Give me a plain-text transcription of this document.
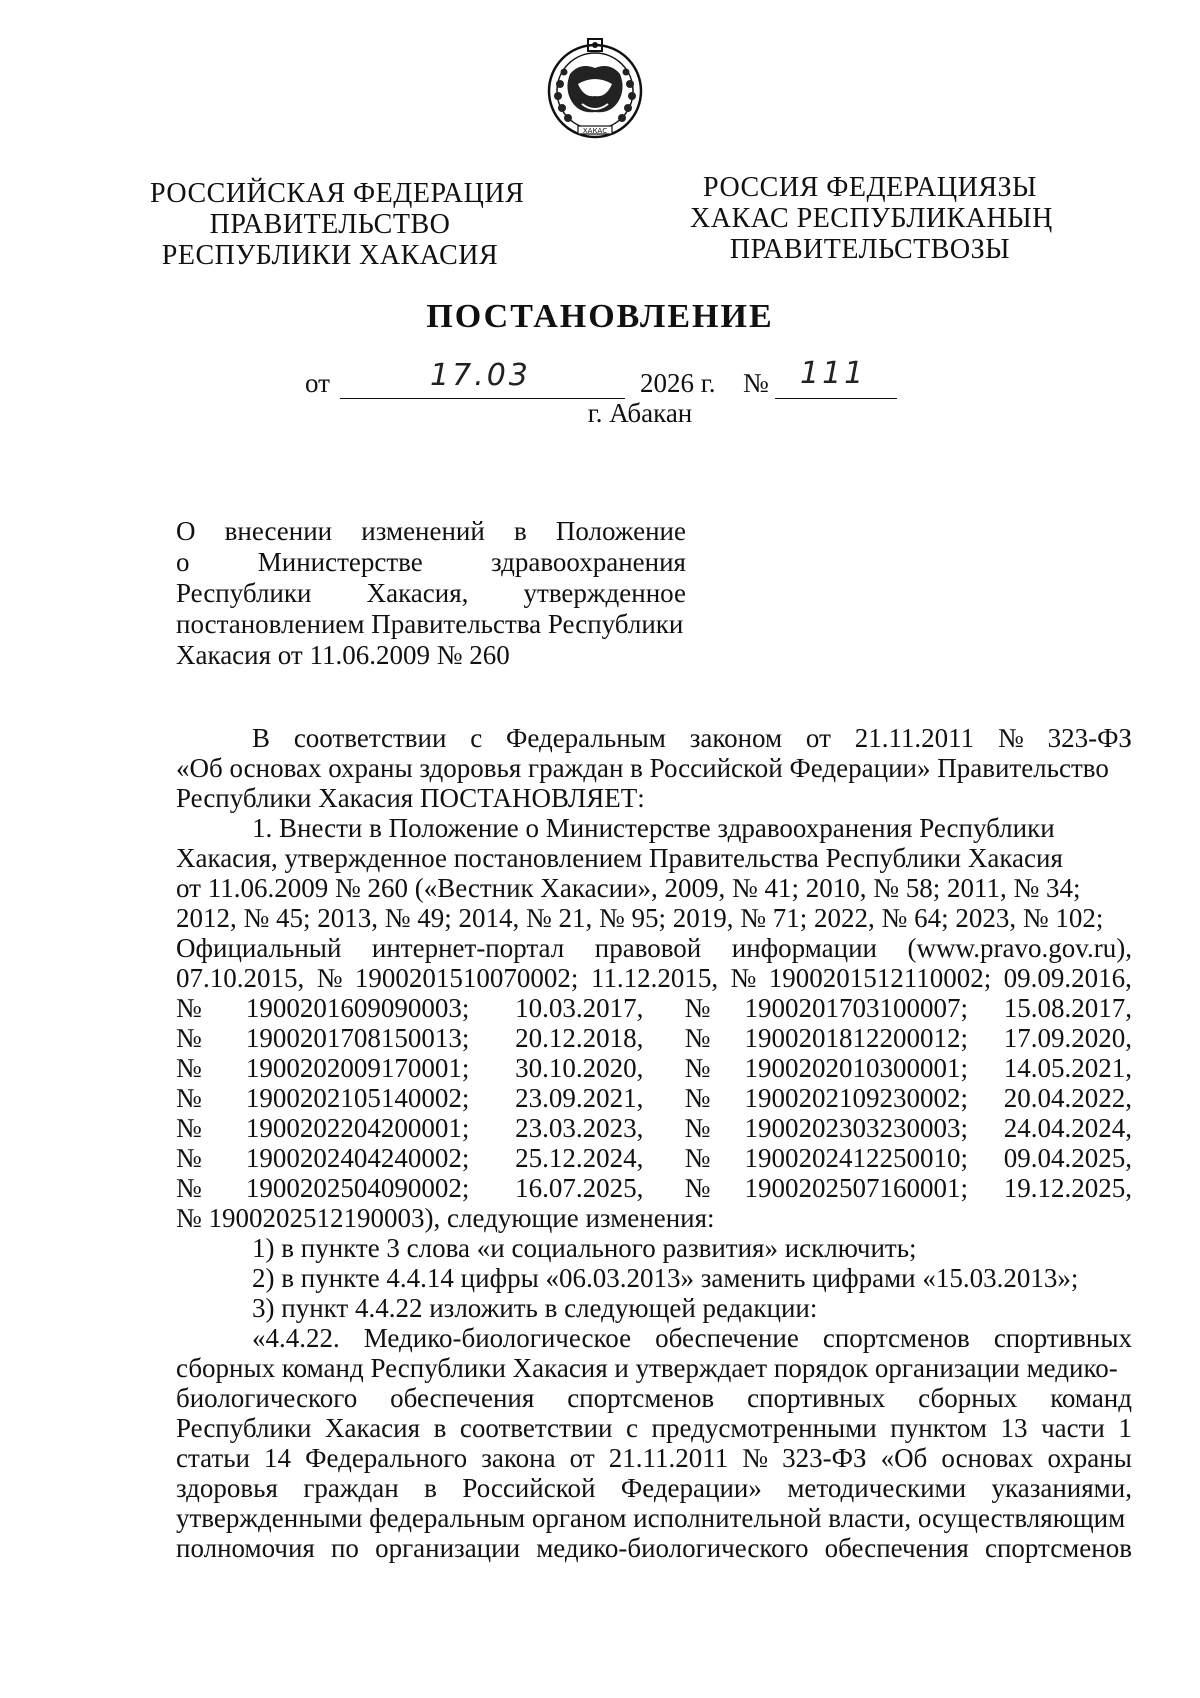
ХАКАС
РОССИЙСКАЯ ФЕДЕРАЦИЯ
ПРАВИТЕЛЬСТВО
РЕСПУБЛИКИ ХАКАСИЯ
РОССИЯ ФЕДЕРАЦИЯЗЫ
ХАКАС РЕСПУБЛИКАНЫҢ
ПРАВИТЕЛЬСТВОЗЫ
ПОСТАНОВЛЕНИЕ
от	17.03	2026 г. № 111
г. Абакан
О внесении изменений в Положение
о	Министерстве	здравоохранения
Республики Хакасия, утвержденное
постановлением Правительства Республики
Хакасия от 11.06.2009 № 260
В соответствии с Федеральным законом от 21.11.2011 № 323-ФЗ
«Об основах охраны здоровья граждан в Российской Федерации» Правительство
Республики Хакасия ПОСТАНОВЛЯЕТ:
1. Внести в Положение о Министерстве здравоохранения Республики
Хакасия, утвержденное постановлением Правительства Республики Хакасия
от 11.06.2009 № 260 («Вестник Хакасии», 2009, № 41; 2010, № 58; 2011, № 34;
2012, № 45; 2013, № 49; 2014, № 21, № 95; 2019, № 71; 2022, № 64; 2023, № 102;
Официальный интернет-портал правовой информации (www.pravo.gov.ru),
07.10.2015, № 1900201510070002; 11.12.2015, № 1900201512110002; 09.09.2016,
№	1900201609090003;	10.03.2017,	№	1900201703100007;	15.08.2017,
№	1900201708150013;	20.12.2018,	№	1900201812200012;	17.09.2020,
№	1900202009170001;	30.10.2020,	№	1900202010300001;	14.05.2021,
№	1900202105140002;	23.09.2021,	№	1900202109230002;	20.04.2022,
№	1900202204200001;	23.03.2023,	№	1900202303230003;	24.04.2024,
№	1900202404240002;	25.12.2024,	№	1900202412250010;	09.04.2025,
№	1900202504090002;	16.07.2025,	№	1900202507160001;	19.12.2025,
№ 1900202512190003), следующие изменения:
1) в пункте 3 слова «и социального развития» исключить;
2) в пункте 4.4.14 цифры «06.03.2013» заменить цифрами «15.03.2013»;
3) пункт 4.4.22 изложить в следующей редакции:
«4.4.22. Медико-биологическое обеспечение спортсменов спортивных
сборных команд Республики Хакасия и утверждает порядок организации медико-
биологического обеспечения спортсменов спортивных сборных команд
Республики Хакасия в соответствии с предусмотренными пунктом 13 части 1
статьи 14 Федерального закона от 21.11.2011 № 323-ФЗ «Об основах охраны
здоровья граждан в Российской Федерации» методическими указаниями,
утвержденными федеральным органом исполнительной власти, осуществляющим
полномочия по организации медико-биологического обеспечения спортсменов
